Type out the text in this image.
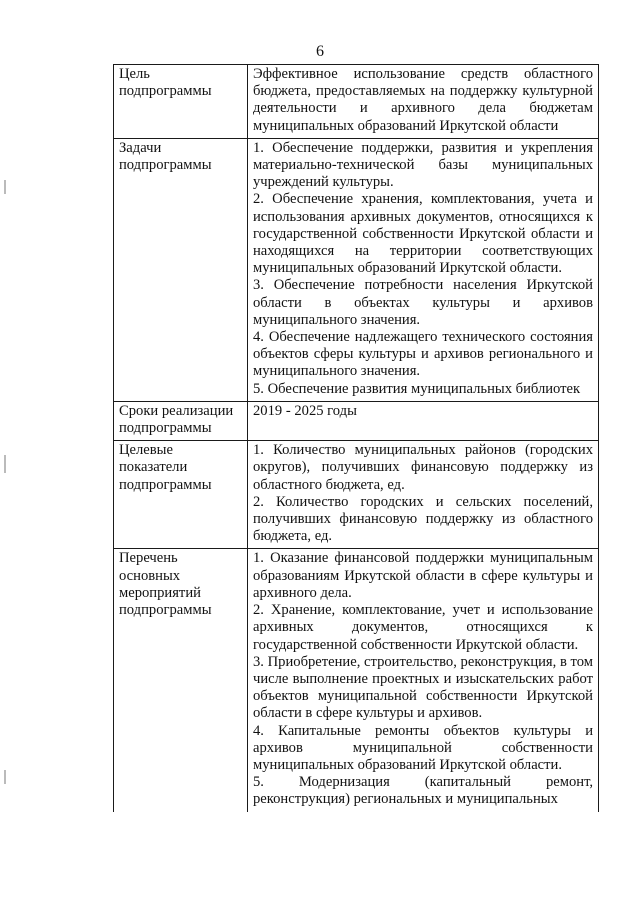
6
Цель подпрограммы	Эффективное использование средств областного бюджета, предоставляемых на поддержку культурной деятельности и архивного дела бюджетам муниципальных образований Иркутской области

Задачи подпрограммы	1. Обеспечение поддержки, развития и укрепления материально-технической базы муниципальных учреждений культуры.
2. Обеспечение хранения, комплектования, учета и использования архивных документов, относящихся к государственной собственности Иркутской области и находящихся на территории соответствующих муниципальных образований Иркутской области.
3. Обеспечение потребности населения Иркутской области в объектах культуры и архивов муниципального значения.
4. Обеспечение надлежащего технического состояния объектов сферы культуры и архивов регионального и муниципального значения.
5. Обеспечение развития муниципальных библиотек

Сроки реализации подпрограммы	2019 - 2025 годы

Целевые показатели подпрограммы	1. Количество муниципальных районов (городских округов), получивших финансовую поддержку из областного бюджета, ед.
2. Количество городских и сельских поселений, получивших финансовую поддержку из областного бюджета, ед.

Перечень основных мероприятий подпрограммы	1. Оказание финансовой поддержки муниципальным образованиям Иркутской области в сфере культуры и архивного дела.
2. Хранение, комплектование, учет и использование архивных документов, относящихся к государственной собственности Иркутской области.
3. Приобретение, строительство, реконструкция, в том числе выполнение проектных и изыскательских работ объектов муниципальной собственности Иркутской области в сфере культуры и архивов.
4. Капитальные ремонты объектов культуры и архивов муниципальной собственности муниципальных образований Иркутской области.
5. Модернизация (капитальный ремонт, реконструкция) региональных и муниципальных
